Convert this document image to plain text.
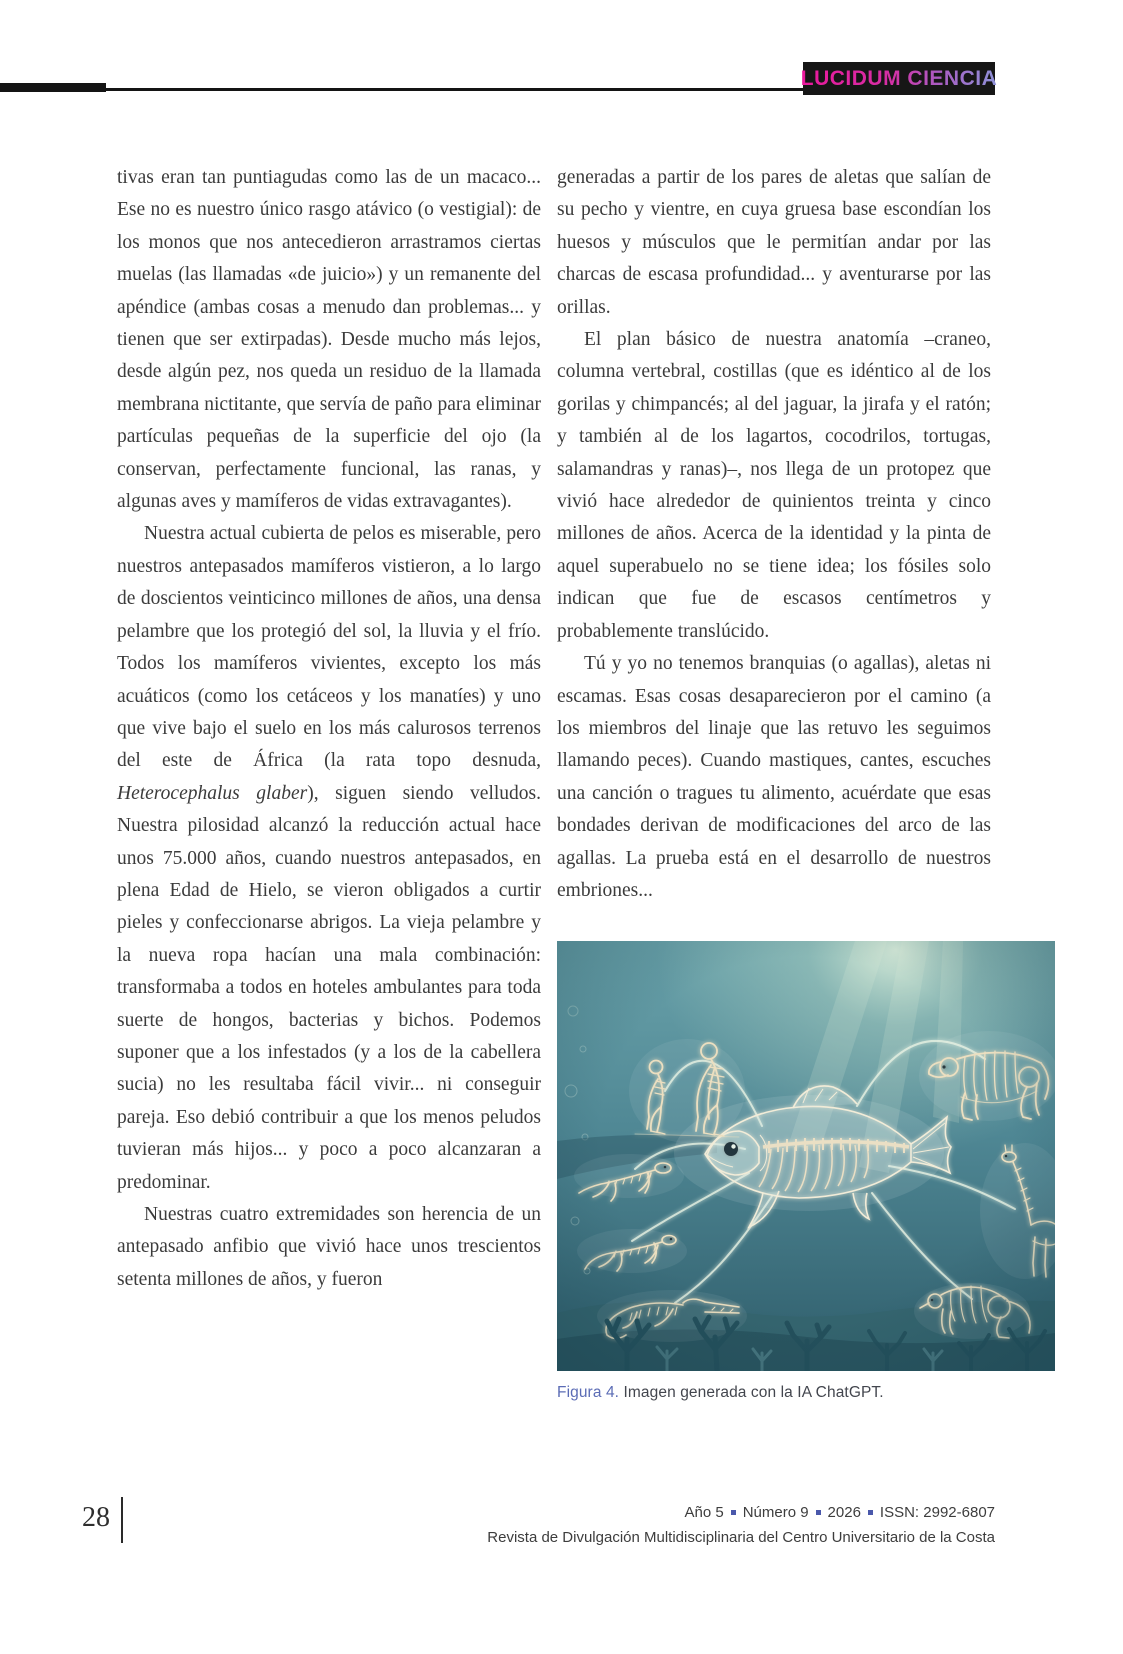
LUCIDUM CIENCIA

tivas eran tan puntiagudas como las de un macaco... Ese no es nuestro único rasgo atávico (o vestigial): de los monos que nos antecedieron arrastramos ciertas muelas (las llamadas «de juicio») y un remanente del apéndice (ambas cosas a menudo dan problemas... y tienen que ser extirpadas). Desde mucho más lejos, desde algún pez, nos queda un residuo de la llamada membrana nictitante, que servía de paño para eliminar partículas pequeñas de la superficie del ojo (la conservan, perfectamente funcional, las ranas, y algunas aves y mamíferos de vidas extravagantes).

Nuestra actual cubierta de pelos es miserable, pero nuestros antepasados mamíferos vistieron, a lo largo de doscientos veinticinco millones de años, una densa pelambre que los protegió del sol, la lluvia y el frío. Todos los mamíferos vivientes, excepto los más acuáticos (como los cetáceos y los manatíes) y uno que vive bajo el suelo en los más calurosos terrenos del este de África (la rata topo desnuda, Heterocephalus glaber), siguen siendo velludos. Nuestra pilosidad alcanzó la reducción actual hace unos 75.000 años, cuando nuestros antepasados, en plena Edad de Hielo, se vieron obligados a curtir pieles y confeccionarse abrigos. La vieja pelambre y la nueva ropa hacían una mala combinación: transformaba a todos en hoteles ambulantes para toda suerte de hongos, bacterias y bichos. Podemos suponer que a los infestados (y a los de la cabellera sucia) no les resultaba fácil vivir... ni conseguir pareja. Eso debió contribuir a que los menos peludos tuvieran más hijos... y poco a poco alcanzaran a predominar.

Nuestras cuatro extremidades son herencia de un antepasado anfibio que vivió hace unos trescientos setenta millones de años, y fueron

generadas a partir de los pares de aletas que salían de su pecho y vientre, en cuya gruesa base escondían los huesos y músculos que le permitían andar por las charcas de escasa profundidad... y aventurarse por las orillas.

El plan básico de nuestra anatomía –craneo, columna vertebral, costillas (que es idéntico al de los gorilas y chimpancés; al del jaguar, la jirafa y el ratón; y también al de los lagartos, cocodrilos, tortugas, salamandras y ranas)–, nos llega de un protopez que vivió hace alrededor de quinientos treinta y cinco millones de años. Acerca de la identidad y la pinta de aquel superabuelo no se tiene idea; los fósiles solo indican que fue de escasos centímetros y probablemente translúcido.

Tú y yo no tenemos branquias (o agallas), aletas ni escamas. Esas cosas desaparecieron por el camino (a los miembros del linaje que las retuvo les seguimos llamando peces). Cuando mastiques, cantes, escuches una canción o tragues tu alimento, acuérdate que esas bondades derivan de modificaciones del arco de las agallas. La prueba está en el desarrollo de nuestros embriones...

Figura 4. Imagen generada con la IA ChatGPT.
28	Año 5 Número 9 2026 ISSN: 2992-6807
Revista de Divulgación Multidisciplinaria del Centro Universitario de la Costa
